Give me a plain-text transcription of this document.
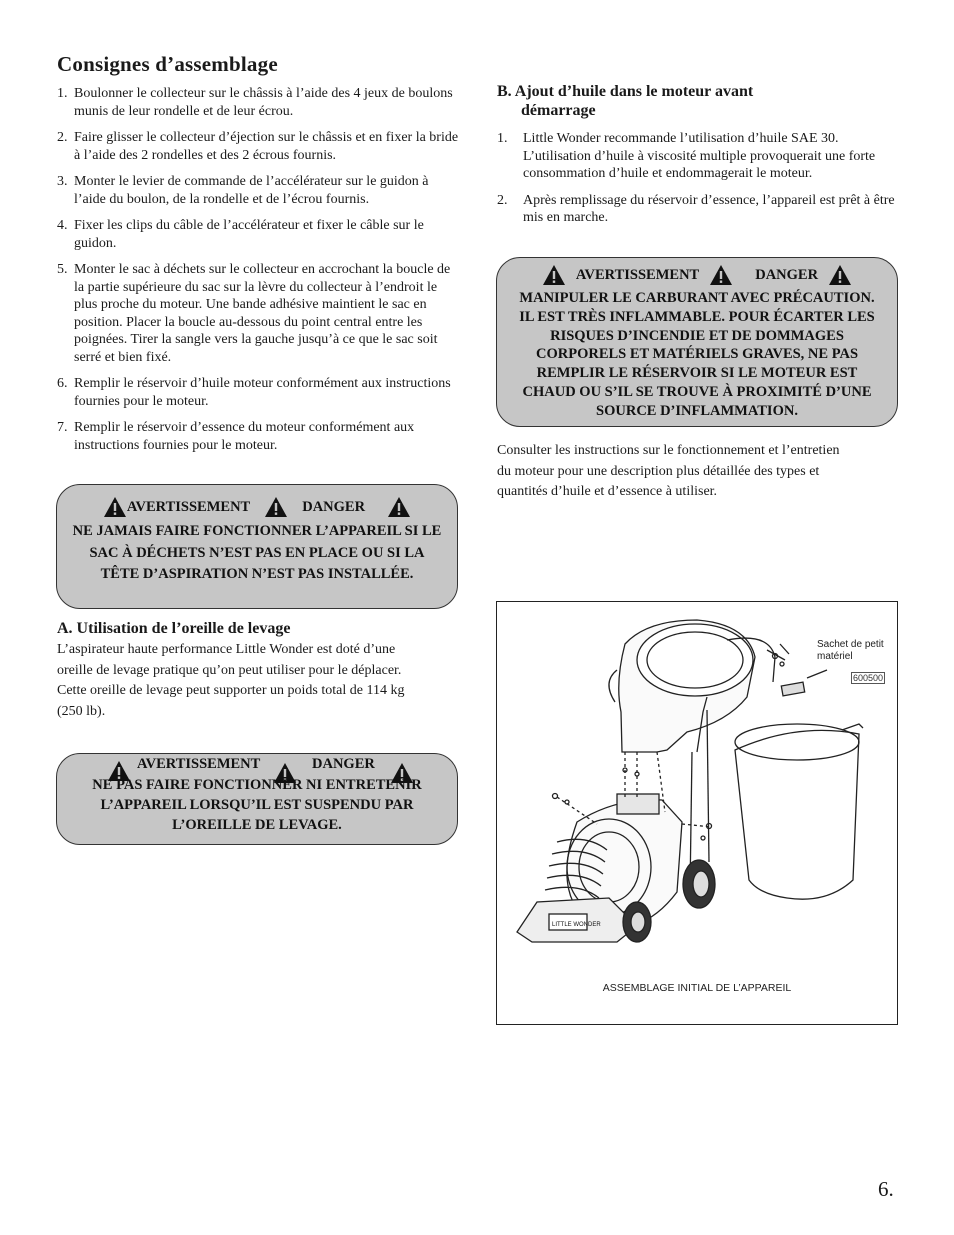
Consignes d’assemblage
1. Boulonner le collecteur sur le châssis à l’aide des 4 jeux de boulons munis de leur rondelle et de leur écrou.
2. Faire glisser le collecteur d’éjection sur le châssis et en fixer la bride à l’aide des 2 rondelles et des 2 écrous fournis.
3. Monter le levier de commande de l’accélérateur sur le guidon à l’aide du boulon, de la rondelle et de l’écrou fournis.
4. Fixer les clips du câble de l’accélérateur et fixer le câble sur le guidon.
5. Monter le sac à déchets sur le collecteur en accrochant la boucle de la partie supérieure du sac sur la lèvre du collecteur à l’endroit le plus proche du moteur. Une bande adhésive maintient le sac en position. Placer la boucle au-dessous du point central entre les poignées. Tirer la sangle vers la gauche jusqu’à ce que le sac soit serré et bien fixé.
6. Remplir le réservoir d’huile moteur conformément aux instructions fournies pour le moteur.
7. Remplir le réservoir d’essence du moteur conformément aux instructions fournies pour le moteur.
AVERTISSEMENT	DANGER
NE JAMAIS FAIRE FONCTIONNER L’APPAREIL SI LE
SAC À DÉCHETS N’EST PAS EN PLACE OU SI LA
TÊTE D’ASPIRATION N’EST PAS INSTALLÉE.
A. Utilisation de l’oreille de levage
L’aspirateur haute performance Little Wonder est doté d’une
oreille de levage pratique qu’on peut utiliser pour le déplacer.
Cette oreille de levage peut supporter un poids total de 114 kg
(250 lb).
AVERTISSEMENT	DANGER
NE PAS FAIRE FONCTIONNER NI ENTRETENIR
L’APPAREIL LORSQU’IL EST SUSPENDU PAR
L’OREILLE DE LEVAGE.
B. Ajout d’huile dans le moteur avant
démarrage
1.	Little Wonder recommande l’utilisation d’huile SAE 30. L’utilisation d’huile à viscosité multiple provoquerait une forte consommation d’huile et endommagerait le moteur.
2.	Après remplissage du réservoir d’essence, l’appareil est prêt à être mis en marche.
AVERTISSEMENT	DANGER
MANIPULER LE CARBURANT AVEC PRÉCAUTION.
IL EST TRÈS INFLAMMABLE. POUR ÉCARTER LES
RISQUES D’INCENDIE ET DE DOMMAGES
CORPORELS ET MATÉRIELS GRAVES, NE PAS
REMPLIR LE RÉSERVOIR SI LE MOTEUR EST
CHAUD OU S’IL SE TROUVE À PROXIMITÉ D’UNE
SOURCE D’INFLAMMATION.
Consulter les instructions sur le fonctionnement et l’entretien
du moteur pour une description plus détaillée des types et
quantités d’huile et d’essence à utiliser.
LITTLE WONDER
Sachet de petit matériel
600500
ASSEMBLAGE INITIAL DE L’APPAREIL
6.
